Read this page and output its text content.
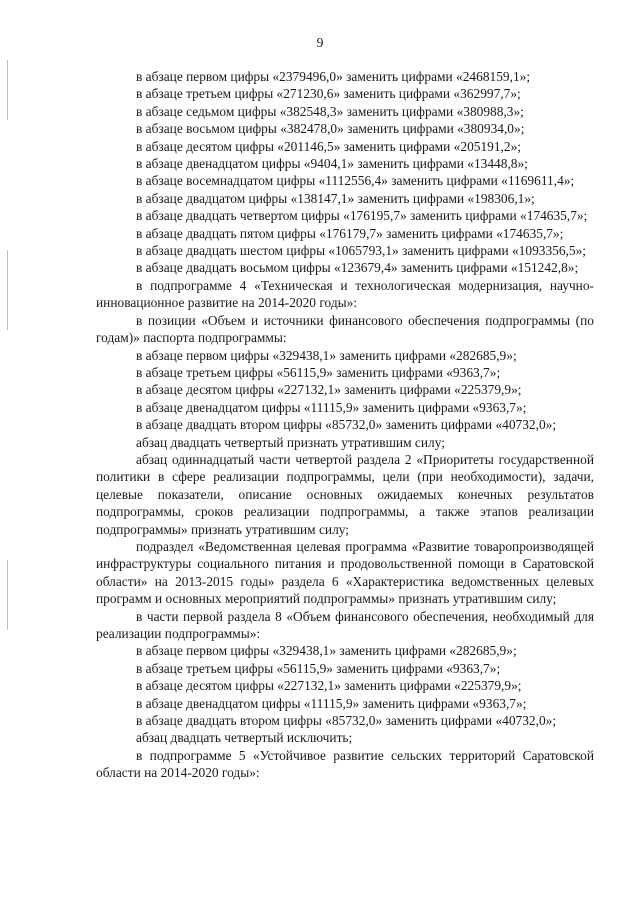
9

в абзаце первом цифры «2379496,0» заменить цифрами «2468159,1»;

в абзаце третьем цифры «271230,6» заменить цифрами «362997,7»;

в абзаце седьмом цифры «382548,3» заменить цифрами «380988,3»;

в абзаце восьмом цифры «382478,0» заменить цифрами «380934,0»;

в абзаце десятом цифры «201146,5» заменить цифрами «205191,2»;

в абзаце двенадцатом цифры «9404,1» заменить цифрами «13448,8»;

в абзаце восемнадцатом цифры «1112556,4» заменить цифрами «1169611,4»;

в абзаце двадцатом цифры «138147,1» заменить цифрами «198306,1»;

в абзаце двадцать четвертом цифры «176195,7» заменить цифрами «174635,7»;

в абзаце двадцать пятом цифры «176179,7» заменить цифрами «174635,7»;

в абзаце двадцать шестом цифры «1065793,1» заменить цифрами «1093356,5»;

в абзаце двадцать восьмом цифры «123679,4» заменить цифрами «151242,8»;

в подпрограмме 4 «Техническая и технологическая модернизация, научно-инновационное развитие на 2014-2020 годы»:

в позиции «Объем и источники финансового обеспечения подпрограммы (по годам)» паспорта подпрограммы:

в абзаце первом цифры «329438,1» заменить цифрами «282685,9»;

в абзаце третьем цифры «56115,9» заменить цифрами «9363,7»;

в абзаце десятом цифры «227132,1» заменить цифрами «225379,9»;

в абзаце двенадцатом цифры «11115,9» заменить цифрами «9363,7»;

в абзаце двадцать втором цифры «85732,0» заменить цифрами «40732,0»;

абзац двадцать четвертый признать утратившим силу;

абзац одиннадцатый части четвертой раздела 2 «Приоритеты государственной политики в сфере реализации подпрограммы, цели (при необходимости), задачи, целевые показатели, описание основных ожидаемых конечных результатов подпрограммы, сроков реализации подпрограммы, а также этапов реализации подпрограммы» признать утратившим силу;

подраздел «Ведомственная целевая программа «Развитие товаропроизводящей инфраструктуры социального питания и продовольственной помощи в Саратовской области» на 2013-2015 годы» раздела 6 «Характеристика ведомственных целевых программ и основных мероприятий подпрограммы» признать утратившим силу;

в части первой раздела 8 «Объем финансового обеспечения, необходимый для реализации подпрограммы»:

в абзаце первом цифры «329438,1» заменить цифрами «282685,9»;

в абзаце третьем цифры «56115,9» заменить цифрами «9363,7»;

в абзаце десятом цифры «227132,1» заменить цифрами «225379,9»;

в абзаце двенадцатом цифры «11115,9» заменить цифрами «9363,7»;

в абзаце двадцать втором цифры «85732,0» заменить цифрами «40732,0»;

абзац двадцать четвертый исключить;

в подпрограмме 5 «Устойчивое развитие сельских территорий Саратовской области на 2014-2020 годы»:
